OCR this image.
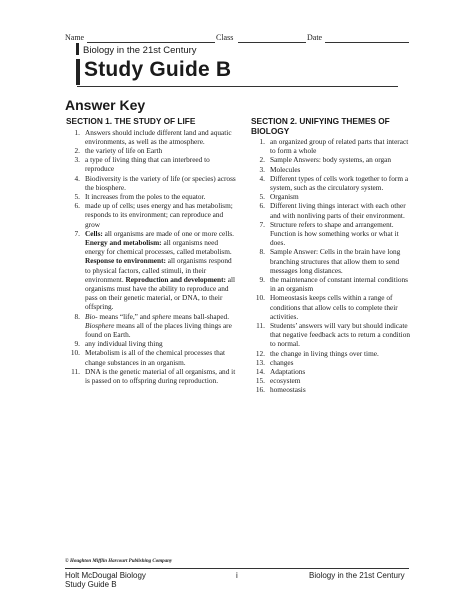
Name	Class	Date
Biology in the 21st Century
Study Guide B
Answer Key
SECTION 1. THE STUDY OF LIFE
1. Answers should include different land and aquatic environments, as well as the atmosphere.
2. the variety of life on Earth
3. a type of living thing that can interbreed to reproduce
4. Biodiversity is the variety of life (or species) across the biosphere.
5. It increases from the poles to the equator.
6. made up of cells; uses energy and has metabolism; responds to its environment; can reproduce and grow
7. Cells: all organisms are made of one or more cells. Energy and metabolism: all organisms need energy for chemical processes, called metabolism.
Response to environment: all organisms respond to physical factors, called stimuli, in their environment. Reproduction and development: all organisms must have the ability to reproduce and pass on their genetic material, or DNA, to their offspring.
8. Bio- means “life,” and sphere means ball-shaped. Biosphere means all of the places living things are found on Earth.
9. any individual living thing
10. Metabolism is all of the chemical processes that change substances in an organism.
11. DNA is the genetic material of all organisms, and it is passed on to offspring during reproduction.
SECTION 2. UNIFYING THEMES OF BIOLOGY
1. an organized group of related parts that interact to form a whole
2. Sample Answers: body systems, an organ
3. Molecules
4. Different types of cells work together to form a system, such as the circulatory system.
5. Organism
6. Different living things interact with each other and with nonliving parts of their environment.
7. Structure refers to shape and arrangement. Function is how something works or what it does.
8. Sample Answer: Cells in the brain have long branching structures that allow them to send messages long distances.
9. the maintenance of constant internal conditions in an organism
10. Homeostasis keeps cells within a range of conditions that allow cells to complete their activities.
11. Students’ answers will vary but should indicate that negative feedback acts to return a condition to normal.
12. the change in living things over time.
13. changes
14. Adaptations
15. ecosystem
16. homeostasis
© Houghton Mifflin Harcourt Publishing Company
Holt McDougal Biology
Study Guide B
i	Biology in the 21st Century
